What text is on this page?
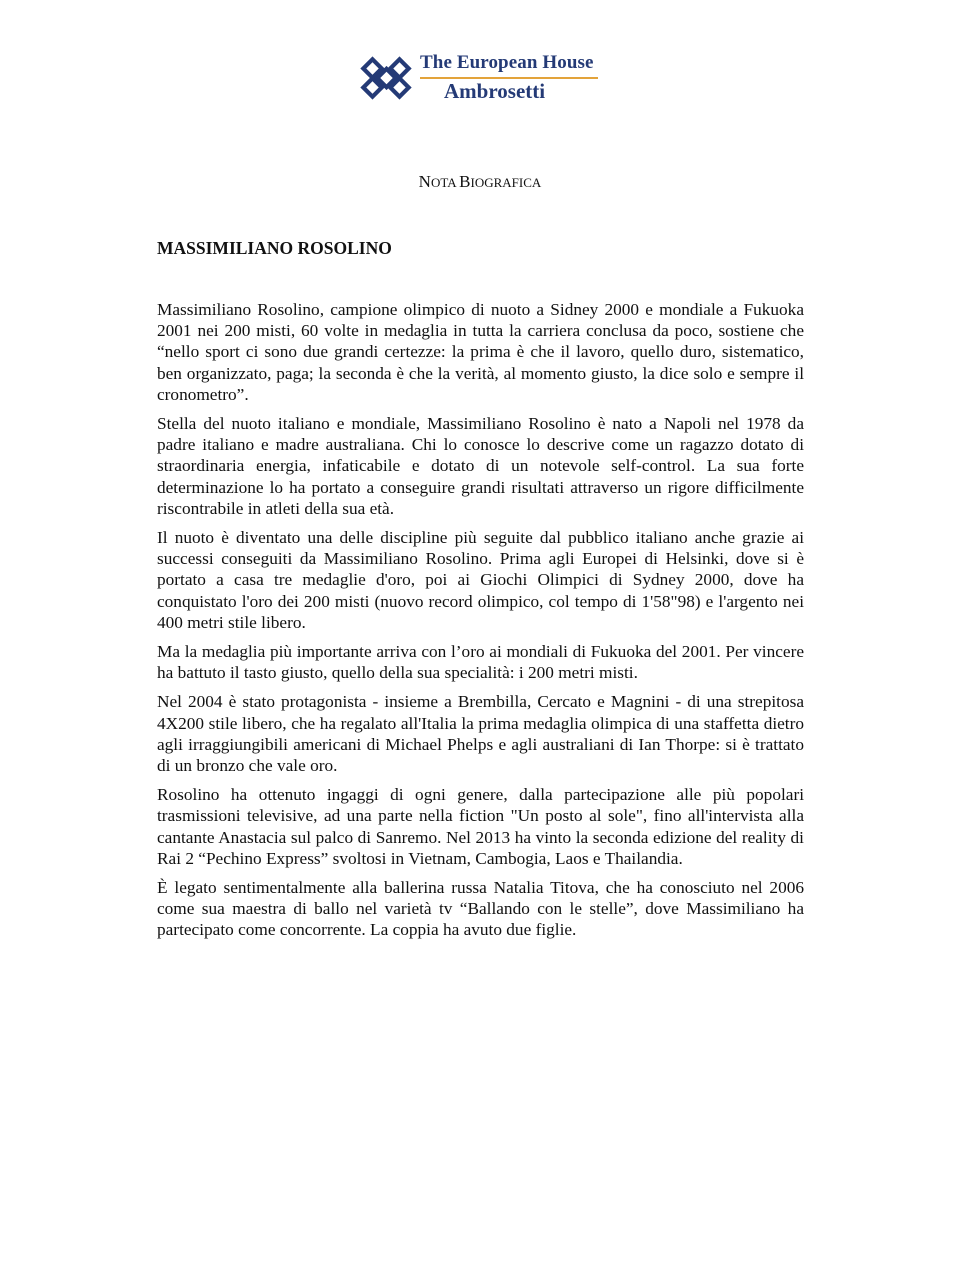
The European House
Ambrosetti
NOTA BIOGRAFICA
MASSIMILIANO ROSOLINO

Massimiliano Rosolino, campione olimpico di nuoto a Sidney 2000 e mondiale a Fukuoka 2001 nei 200 misti, 60 volte in medaglia in tutta la carriera conclusa da poco, sostiene che “nello sport ci sono due grandi certezze: la prima è che il lavoro, quello duro, sistematico, ben organizzato, paga; la seconda è che la verità, al momento giusto, la dice solo e sempre il cronometro”.

Stella del nuoto italiano e mondiale, Massimiliano Rosolino è nato a Napoli nel 1978 da padre italiano e madre australiana. Chi lo conosce lo descrive come un ragazzo dotato di straordinaria energia, infaticabile e dotato di un notevole self-control. La sua forte determinazione lo ha portato a conseguire grandi risultati attraverso un rigore difficilmente riscontrabile in atleti della sua età.

Il nuoto è diventato una delle discipline più seguite dal pubblico italiano anche grazie ai successi conseguiti da Massimiliano Rosolino. Prima agli Europei di Helsinki, dove si è portato a casa tre medaglie d'oro, poi ai Giochi Olimpici di Sydney 2000, dove ha conquistato l'oro dei 200 misti (nuovo record olimpico, col tempo di 1'58"98) e l'argento nei 400 metri stile libero.

Ma la medaglia più importante arriva con l’oro ai mondiali di Fukuoka del 2001. Per vincere ha battuto il tasto giusto, quello della sua specialità: i 200 metri misti.

Nel 2004 è stato protagonista - insieme a Brembilla, Cercato e Magnini - di una strepitosa 4X200 stile libero, che ha regalato all'Italia la prima medaglia olimpica di una staffetta dietro agli irraggiungibili americani di Michael Phelps e agli australiani di Ian Thorpe: si è trattato di un bronzo che vale oro.

Rosolino ha ottenuto ingaggi di ogni genere, dalla partecipazione alle più popolari trasmissioni televisive, ad una parte nella fiction "Un posto al sole", fino all'intervista alla cantante Anastacia sul palco di Sanremo. Nel 2013 ha vinto la seconda edizione del reality di Rai 2 “Pechino Express” svoltosi in Vietnam, Cambogia, Laos e Thailandia.

È legato sentimentalmente alla ballerina russa Natalia Titova, che ha conosciuto nel 2006 come sua maestra di ballo nel varietà tv “Ballando con le stelle”, dove Massimiliano ha partecipato come concorrente. La coppia ha avuto due figlie.
